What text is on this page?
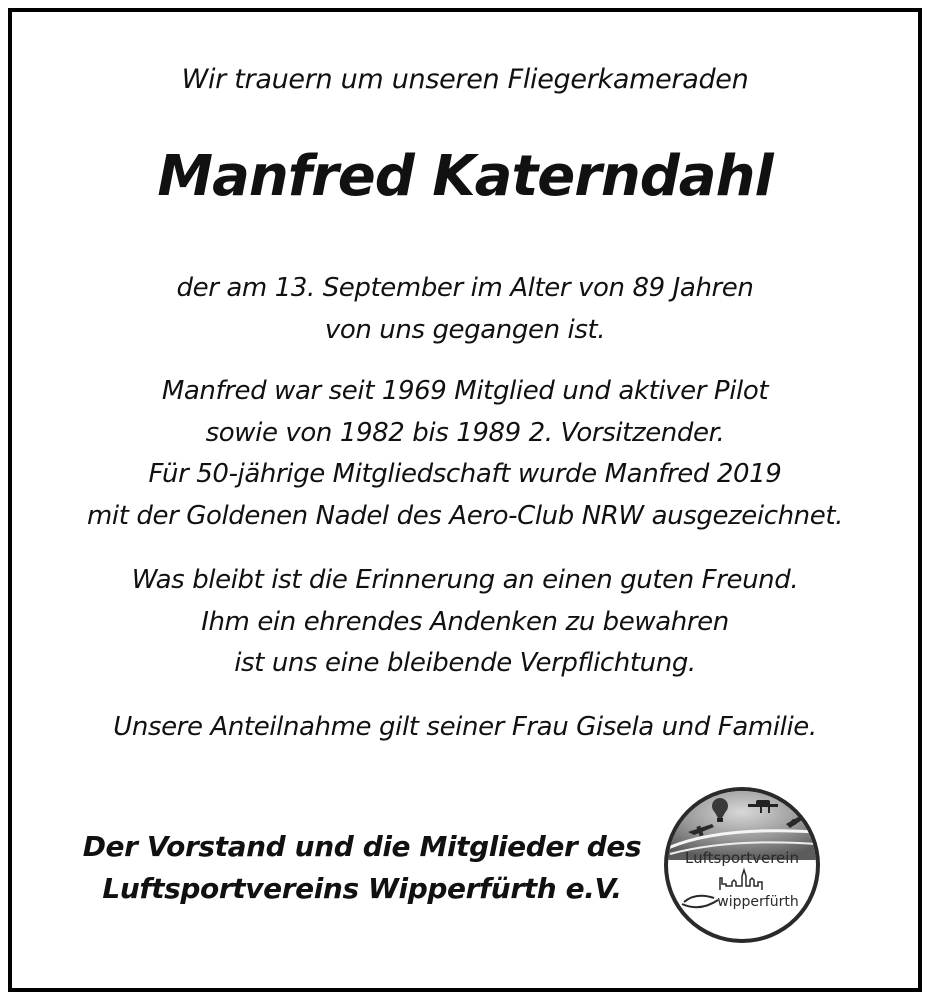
Wir trauern um unseren Fliegerkameraden
Manfred Katerndahl
der am 13. September im Alter von 89 Jahren
von uns gegangen ist.
Manfred war seit 1969 Mitglied und aktiver Pilot
sowie von 1982 bis 1989 2. Vorsitzender.
Für 50-jährige Mitgliedschaft wurde Manfred 2019
mit der Goldenen Nadel des Aero-Club NRW ausgezeichnet.
Was bleibt ist die Erinnerung an einen guten Freund.
Ihm ein ehrendes Andenken zu bewahren
ist uns eine bleibende Verpflichtung.
Unsere Anteilnahme gilt seiner Frau Gisela und Familie.
Der Vorstand und die Mitglieder des
Luftsportvereins Wipperfürth e.V.
Luftsportverein
wipperfürth
